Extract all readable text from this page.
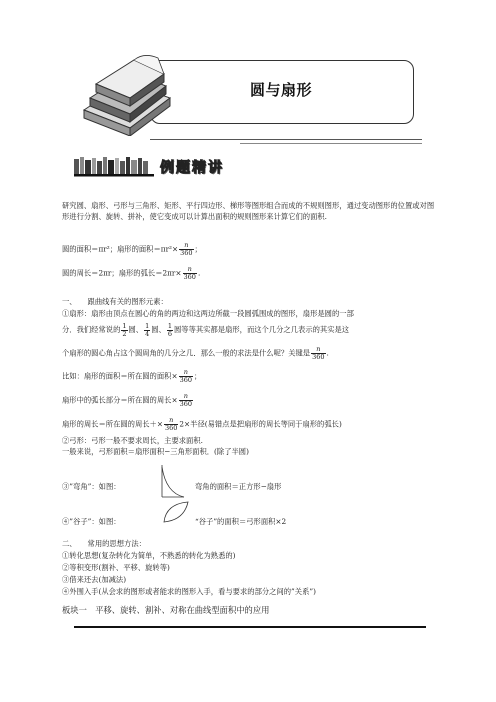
圆与扇形
例题精讲
研究圆、扇形、弓形与三角形、矩形、平行四边形、梯形等图形组合而成的不规则图形，通过变动图形的位置或对图形进行分割、旋转、拼补，使它变成可以计算出面积的规则图形来计算它们的面积.
圆的面积＝πr²；扇形的面积$=\pi r^2\times \frac{n}{360}$ ；
圆的周长＝2πr；扇形的弧长$=2\pi r\times \frac{n}{360}$ .
一、　　跟曲线有关的图形元素：
①扇形：扇形由顶点在圆心的角的两边和这两边所截一段圆弧围成的图形，扇形是圆的一部
分．我们经常说的 $\frac{1}{2}$ 圆、 $\frac{1}{4}$ 圆、 $\frac{1}{6}$ 圆等等其实都是扇形，而这个几分之几表示的其实是这
个扇形的圆心角占这个圆周角的几分之几．那么一般的求法是什么呢？关键是 $\frac{n}{360}$ .
比如：扇形的面积＝所在圆的面积× $\frac{n}{360}$ ；
扇形中的弧长部分＝所在圆的周长× $\frac{n}{360}$
扇形的周长＝所在圆的周长＋× $\frac{n}{360} 2\times$半径(易错点是把扇形的周长等同于扇形的弧长)
②弓形：弓形一般不要求周长，主要求面积.
一般来说，弓形面积＝扇形面积−三角形面积．(除了半圆)
③”弯角”：如图：	弯角的面积＝正方形−扇形
④”谷子”：如图：	“谷子”的面积＝弓形面积×2
二、　　常用的思想方法：
①转化思想(复杂转化为简单，不熟悉的转化为熟悉的)
②等积变形(割补、平移、旋转等)
③借来还去(加减法)
④外围入手(从会求的图形或者能求的图形入手，看与要求的部分之间的”关系”)
板块一　平移、旋转、割补、对称在曲线型面积中的应用
